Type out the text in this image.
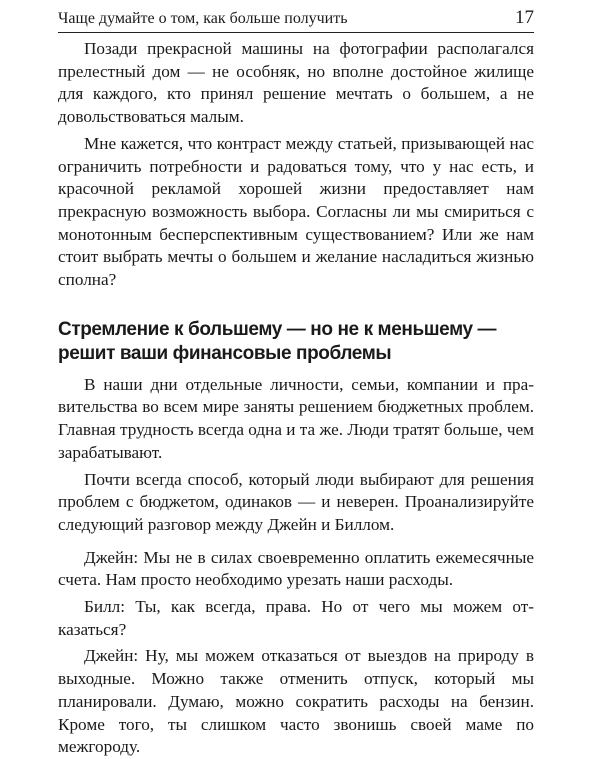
Чаще думайте о том, как больше получить	17

Позади прекрасной машины на фотографии располагался прелестный дом — не особняк, но вполне достойное жилище для каждого, кто принял решение мечтать о большем, а не довольствоваться малым.

Мне кажется, что контраст между статьей, призывающей нас ограничить потребности и радоваться тому, что у нас есть, и красочной рекламой хорошей жизни предоставляет нам прекрасную возможность выбора. Согласны ли мы смириться с монотонным бесперспективным существованием? Или же нам стоит выбрать мечты о большем и желание насладиться жизнью сполна?

Стремление к большему — но не к меньшему —
решит ваши финансовые проблемы

В наши дни отдельные личности, семьи, компании и правительства во всем мире заняты решением бюджетных проблем. Главная трудность всегда одна и та же. Люди тратят больше, чем зарабатывают.

Почти всегда способ, который люди выбирают для решения проблем с бюджетом, одинаков — и неверен. Проанализируйте следующий разговор между Джейн и Биллом.

Джейн: Мы не в силах своевременно оплатить ежемесячные счета. Нам просто необходимо урезать наши расходы.

Билл: Ты, как всегда, права. Но от чего мы можем отказаться?

Джейн: Ну, мы можем отказаться от выездов на природу в выходные. Можно также отменить отпуск, который мы планировали. Думаю, можно сократить расходы на бензин. Кроме того, ты слишком часто звонишь своей маме по межгороду.
